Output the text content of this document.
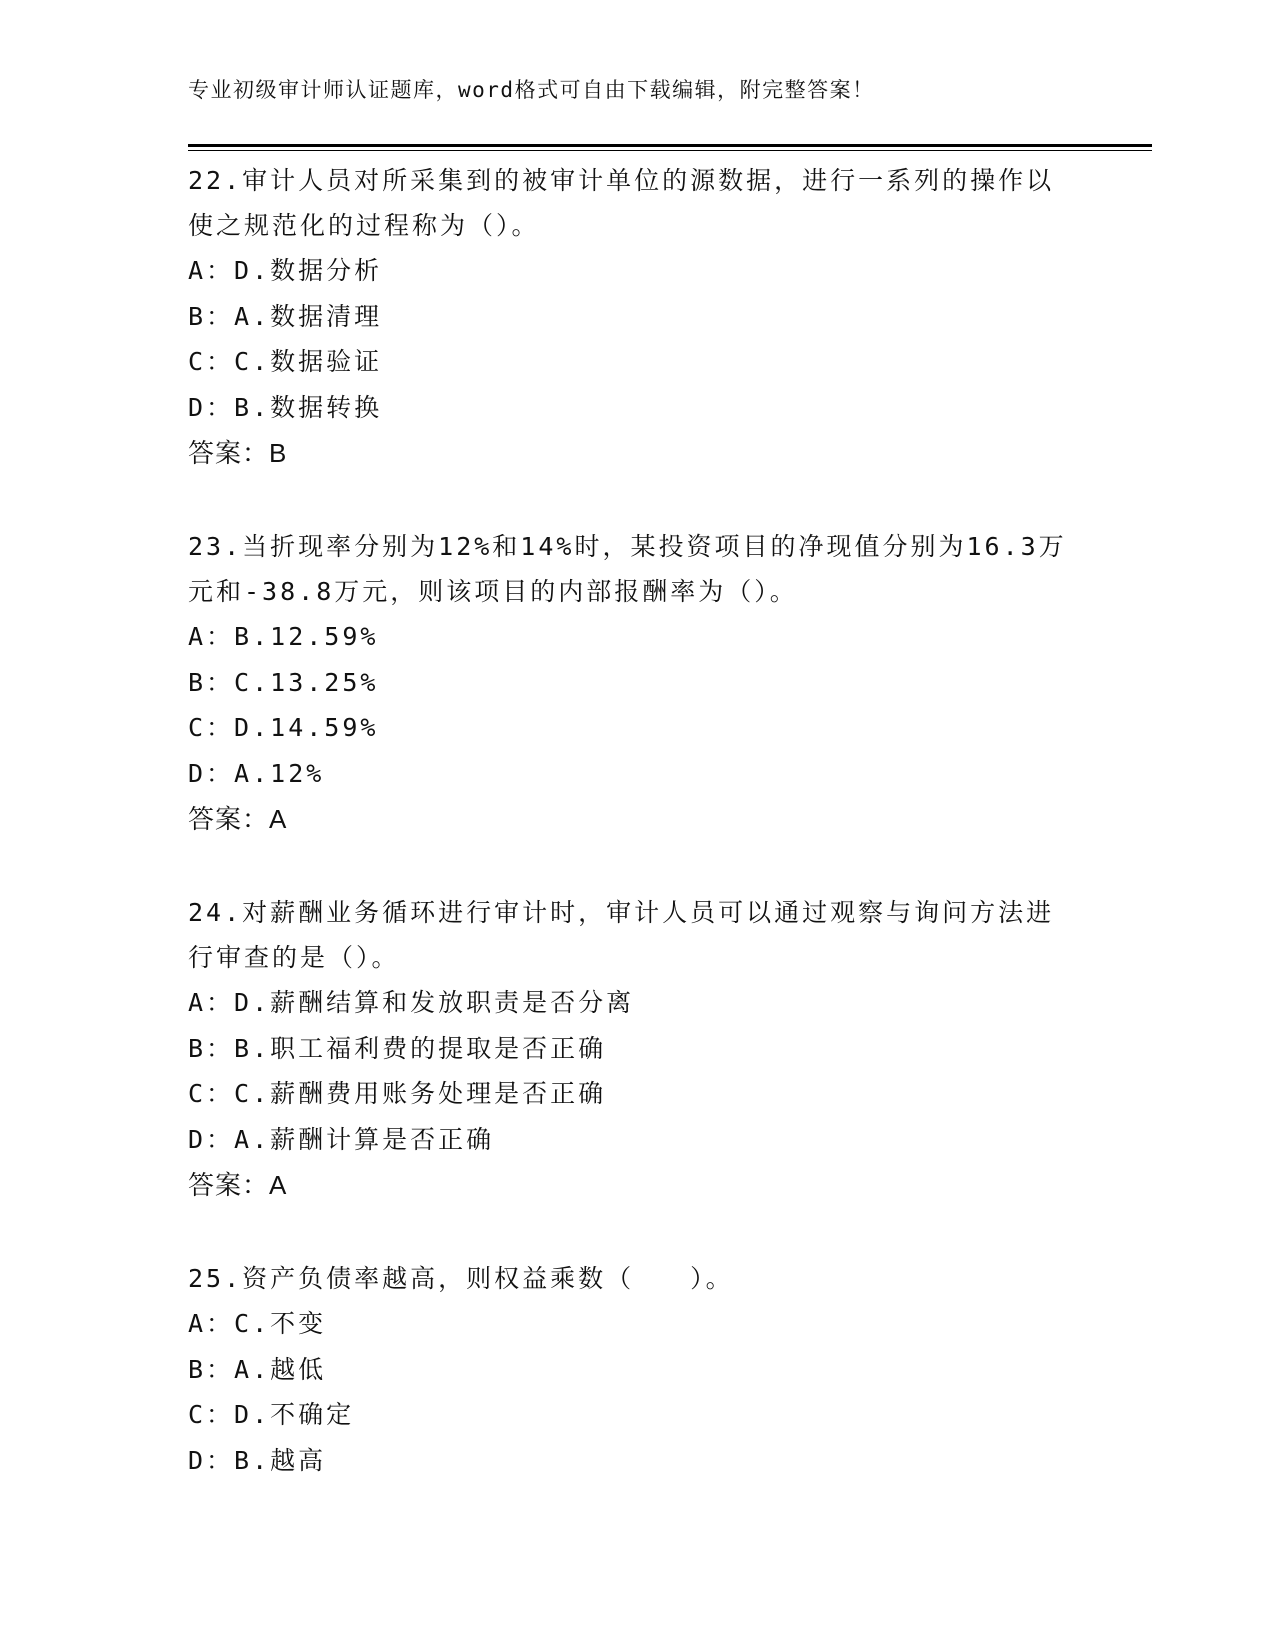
专业初级审计师认证题库，word格式可自由下载编辑，附完整答案！

22.审计人员对所采集到的被审计单位的源数据，进行一系列的操作以使之规范化的过程称为（）。

A：D.数据分析

B：A.数据清理

C：C.数据验证

D：B.数据转换

答案：B

23.当折现率分别为12%和14%时，某投资项目的净现值分别为16.3万元和-38.8万元，则该项目的内部报酬率为（）。

A：B.12.59%

B：C.13.25%

C：D.14.59%

D：A.12%

答案：A

24.对薪酬业务循环进行审计时，审计人员可以通过观察与询问方法进行审查的是（）。

A：D.薪酬结算和发放职责是否分离

B：B.职工福利费的提取是否正确

C：C.薪酬费用账务处理是否正确

D：A.薪酬计算是否正确

答案：A

25.资产负债率越高，则权益乘数（　　）。

A：C.不变

B：A.越低

C：D.不确定

D：B.越高
